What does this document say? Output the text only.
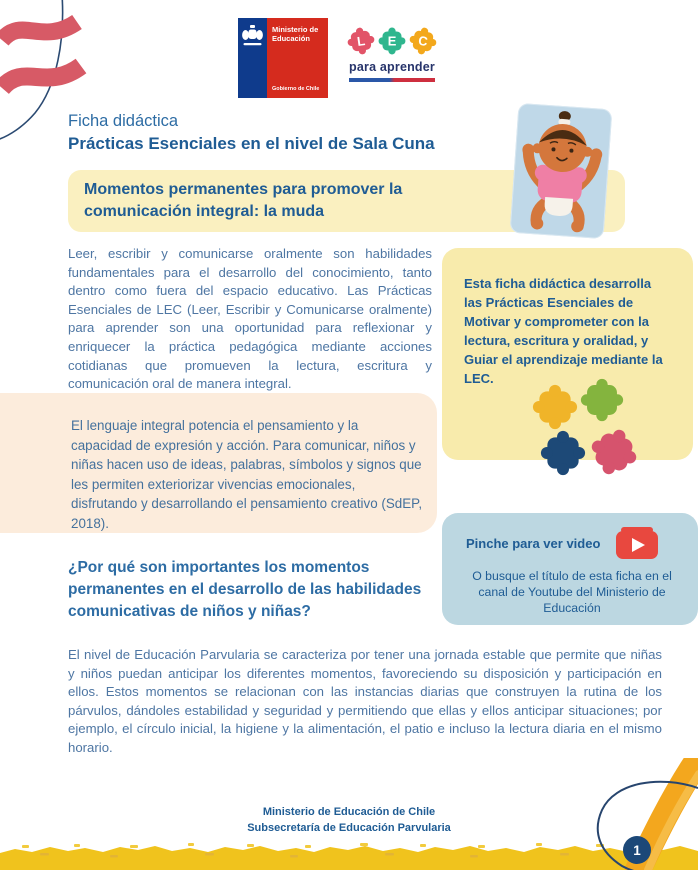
Ministerio de
Educación
Gobierno de Chile
L E C
para aprender
Ficha didáctica
Prácticas Esenciales en el nivel de Sala Cuna
Momentos permanentes para promover la comunicación integral: la muda
Leer, escribir y comunicarse oralmente son habilidades fundamentales para el desarrollo del conocimiento, tanto dentro como fuera del espacio educativo. Las Prácticas Esenciales de LEC (Leer, Escribir y Comunicarse oralmente) para aprender son una oportunidad para reflexionar y enriquecer la práctica pedagógica mediante acciones cotidianas que promueven la lectura, escritura y comunicación oral de manera integral.
Esta ficha didáctica desarrolla las Prácticas Esenciales de Motivar y comprometer con la lectura, escritura y oralidad, y Guiar el aprendizaje mediante la LEC.
El lenguaje integral potencia el pensamiento y la capacidad de expresión y acción. Para comunicar, niños y niñas hacen uso de ideas, palabras, símbolos y signos que les permiten exteriorizar vivencias emocionales, disfrutando y desarrollando el pensamiento creativo (SdEP, 2018).
Pinche para ver video
O busque el título de esta ficha en el canal de Youtube del Ministerio de Educación
¿Por qué son importantes los momentos permanentes en el desarrollo de las habilidades comunicativas de niños y niñas?
El nivel de Educación Parvularia se caracteriza por tener una jornada estable que permite que niñas y niños puedan anticipar los diferentes momentos, favoreciendo su disposición y participación en ellos. Estos momentos se relacionan con las instancias diarias que construyen la rutina de los párvulos, dándoles estabilidad y seguridad y permitiendo que ellas y ellos anticipar situaciones; por ejemplo, el círculo inicial, la higiene y la alimentación, el patio e incluso la lectura diaria en el mismo horario.
Ministerio de Educación de Chile
Subsecretaría de Educación Parvularia
1
